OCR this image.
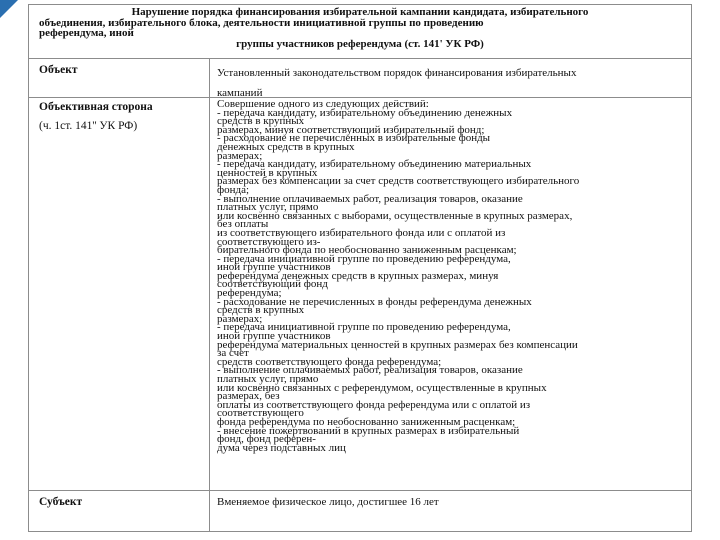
Нарушение порядка финансирования избирательной кампании кандидата, избирательного
объединения, избирательного блока, деятельности инициативной группы по проведению
референдума, иной
группы участников референдума (ст. 141' УК РФ)
Объект	Установленный законодательством порядок финансирования избирательных
кампаний
Объективная сторона
(ч. 1ст. 141'' УК РФ)
Совершение одного из следующих действий:
- передача кандидату, избирательному объединению денежных
средств в крупных
размерах, минуя соответствующий избирательный фонд;
- расходование не перечисленных в избирательные фонды
денежных средств в крупных
размерах;
- передача кандидату, избирательному объединению материальных
ценностей в крупных
размерах без компенсации за счет средств соответствующего избирательного
фонда;
- выполнение оплачиваемых работ, реализация товаров, оказание
платных услуг, прямо
или косвенно связанных с выборами, осуществленные в крупных размерах,
без оплаты
из соответствующего избирательного фонда или с оплатой из
соответствующего из-
бирательного фонда по необоснованно заниженным расценкам;
- передача инициативной группе по проведению референдума,
иной группе участников
референдума денежных средств в крупных размерах, минуя
соответствующий фонд
референдума;
- расходование не перечисленных в фонды референдума денежных
средств в крупных
размерах;
- передача инициативной группе по проведению референдума,
иной группе участников
референдума материальных ценностей в крупных размерах без компенсации
за счет
средств соответствующего фонда референдума;
- выполнение оплачиваемых работ, реализация товаров, оказание
платных услуг, прямо
или косвенно связанных с референдумом, осуществленные в крупных
размерах, без
оплаты из соответствующего фонда референдума или с оплатой из
соответствующего
фонда референдума по необоснованно заниженным расценкам;
- внесение пожертвований в крупных размерах в избирательный
фонд, фонд референ-
дума через подставных лиц
Субъект	Вменяемое физическое лицо, достигшее 16 лет
